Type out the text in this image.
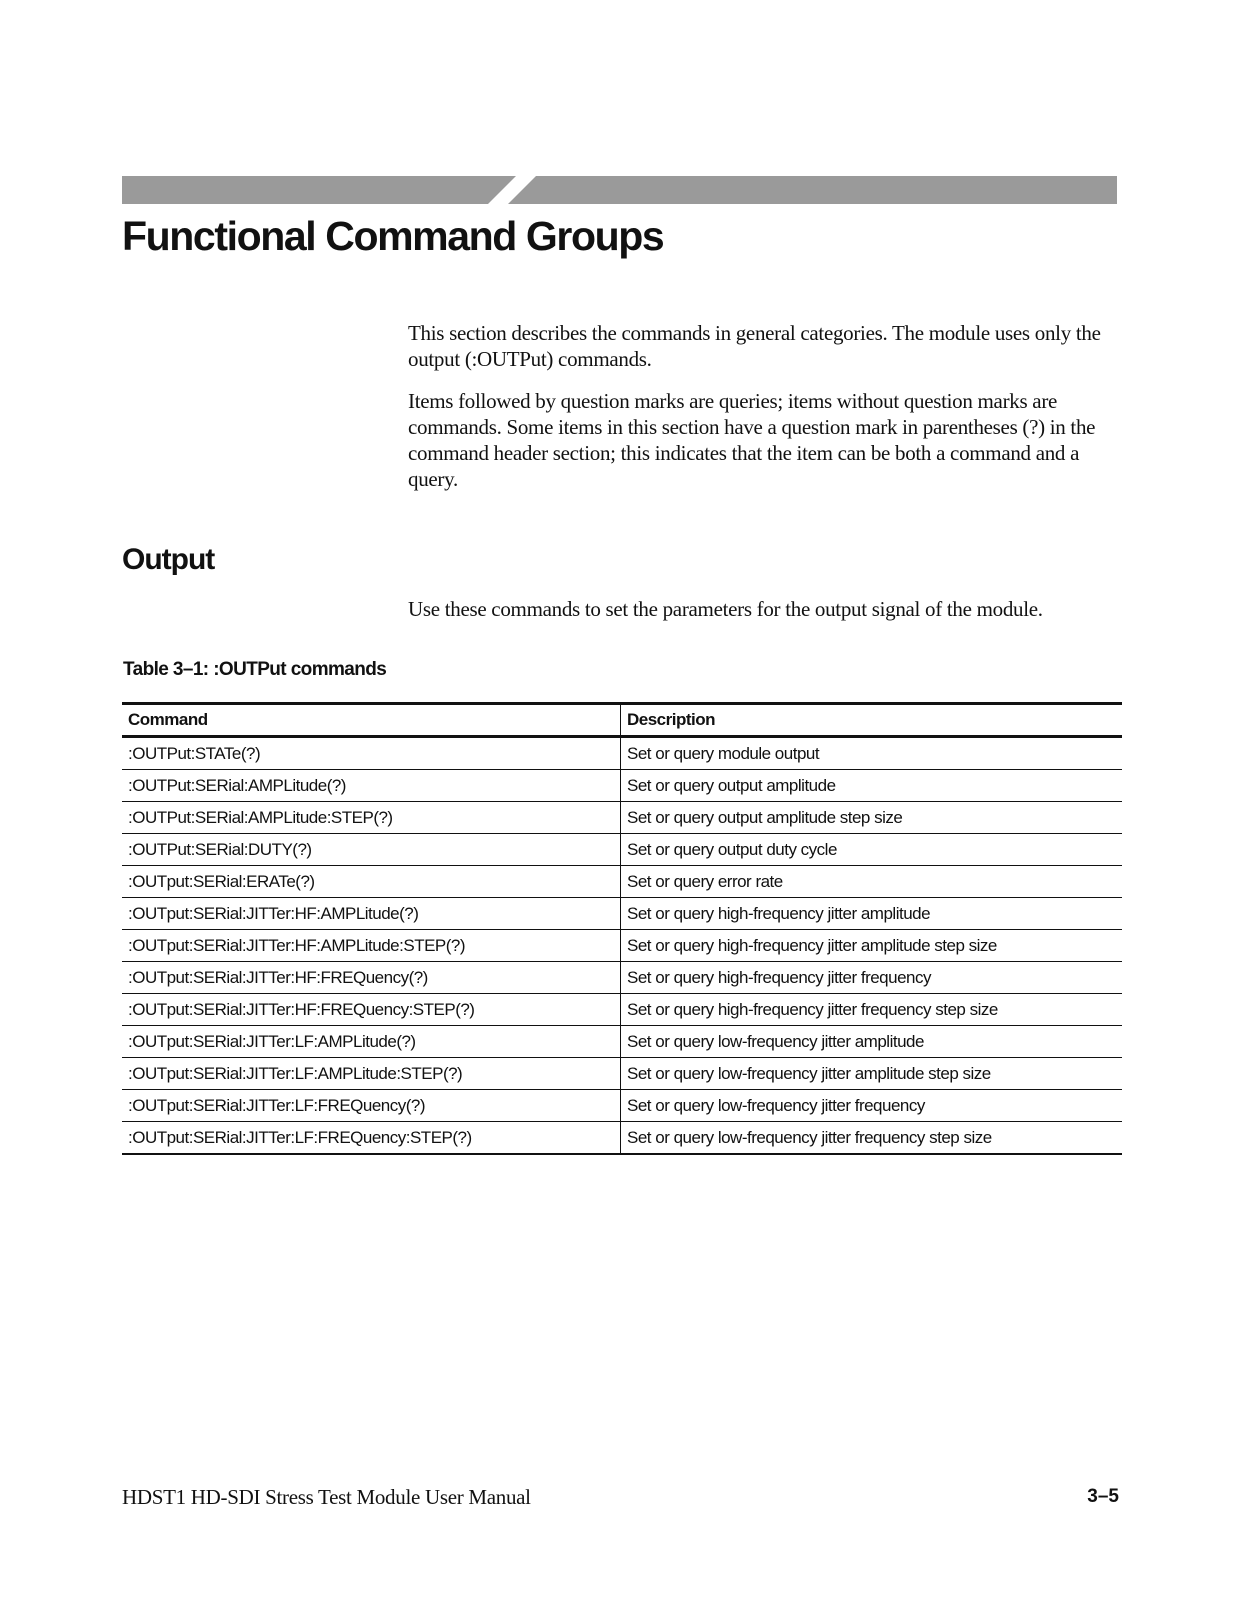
Functional Command Groups

This section describes the commands in general categories. The module uses only the output (:OUTPut) commands.

Items followed by question marks are queries; items without question marks are commands. Some items in this section have a question mark in parentheses (?) in the command header section; this indicates that the item can be both a command and a query.

Output

Use these commands to set the parameters for the output signal of the module.

Table 3–1: :OUTPut commands

Command	Description
:OUTPut:STATe(?)	Set or query module output
:OUTPut:SERial:AMPLitude(?)	Set or query output amplitude
:OUTPut:SERial:AMPLitude:STEP(?)	Set or query output amplitude step size
:OUTPut:SERial:DUTY(?)	Set or query output duty cycle
:OUTput:SERial:ERATe(?)	Set or query error rate
:OUTput:SERial:JITTer:HF:AMPLitude(?)	Set or query high-frequency jitter amplitude
:OUTput:SERial:JITTer:HF:AMPLitude:STEP(?)	Set or query high-frequency jitter amplitude step size
:OUTput:SERial:JITTer:HF:FREQuency(?)	Set or query high-frequency jitter frequency
:OUTput:SERial:JITTer:HF:FREQuency:STEP(?)	Set or query high-frequency jitter frequency step size
:OUTput:SERial:JITTer:LF:AMPLitude(?)	Set or query low-frequency jitter amplitude
:OUTput:SERial:JITTer:LF:AMPLitude:STEP(?)	Set or query low-frequency jitter amplitude step size
:OUTput:SERial:JITTer:LF:FREQuency(?)	Set or query low-frequency jitter frequency
:OUTput:SERial:JITTer:LF:FREQuency:STEP(?)	Set or query low-frequency jitter frequency step size

HDST1 HD-SDI Stress Test Module User Manual	3–5
